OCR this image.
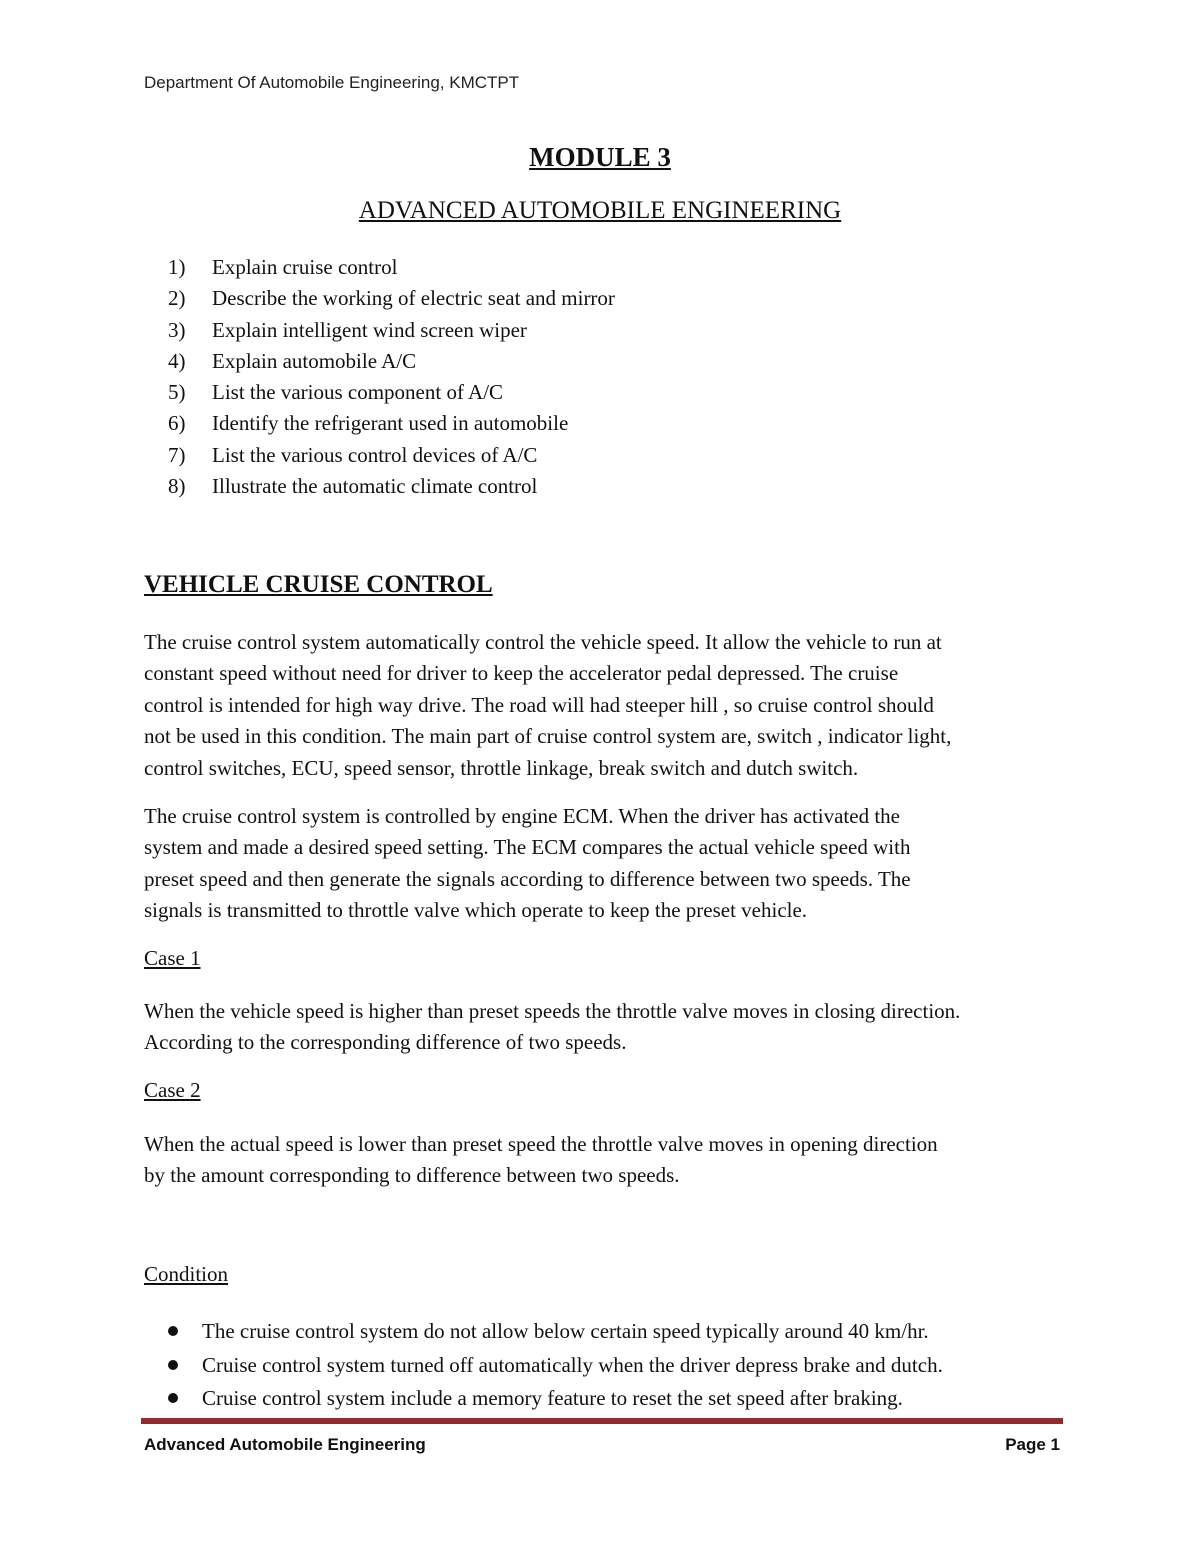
Department Of Automobile Engineering, KMCTPT
MODULE 3
ADVANCED AUTOMOBILE ENGINEERING
1) Explain cruise control
2) Describe the working of electric seat and mirror
3) Explain intelligent wind screen wiper
4) Explain automobile A/C
5) List the various component of A/C
6) Identify the refrigerant used in automobile
7) List the various control devices of A/C
8) Illustrate the automatic climate control
VEHICLE CRUISE CONTROL

The cruise control system automatically control the vehicle speed. It allow the vehicle to run at
constant speed without need for driver to keep the accelerator pedal depressed. The cruise
control is intended for high way drive. The road will had steeper hill , so cruise control should
not be used in this condition. The main part of cruise control system are, switch , indicator light,
control switches, ECU, speed sensor, throttle linkage, break switch and dutch switch.

The cruise control system is controlled by engine ECM. When the driver has activated the
system and made a desired speed setting. The ECM compares the actual vehicle speed with
preset speed and then generate the signals according to difference between two speeds. The
signals is transmitted to throttle valve which operate to keep the preset vehicle.

Case 1

When the vehicle speed is higher than preset speeds the throttle valve moves in closing direction.
According to the corresponding difference of two speeds.

Case 2

When the actual speed is lower than preset speed the throttle valve moves in opening direction
by the amount corresponding to difference between two speeds.

Condition
The cruise control system do not allow below certain speed typically around 40 km/hr.
Cruise control system turned off automatically when the driver depress brake and dutch.
Cruise control system include a memory feature to reset the set speed after braking.
Advanced Automobile Engineering	Page 1
